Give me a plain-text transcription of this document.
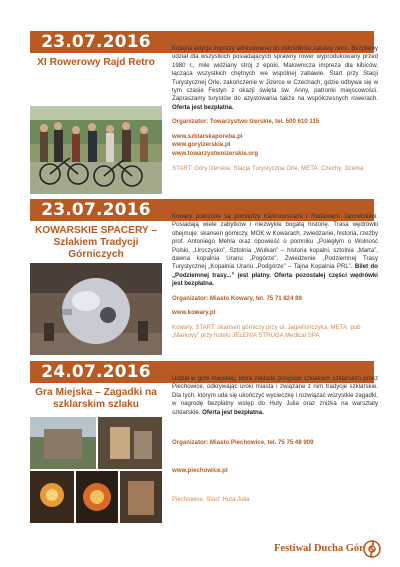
23.07.2016
XI Rowerowy Rajd Retro
godz. 09.00-15.00
Kolejna edycja imprezy adresowanej do miłośników zabawy retro. Bezpłatny udział dla wszystkich posiadających sprawny rower wyprodukowany przed 1980 r., mile widziany strój z epoki. Malownicza impreza dla kibiców, łącząca wszystkich chętnych we wspólnej zabawie. Start przy Stacji Turystycznej Orle, zakończenie w Jizerce w Czechach, gdzie odbywa się w tym czasie Festyn z okazji święta św. Anny, patronki miejscowości. Zapraszamy turystów do azystowania także na współczesnych rowerach. Oferta jest bezpłatna.
Organizator: Towarzystwo Izerskie, tel. 500 610 115
www.szklarskaporeba.pl
www.goryizerskie.pl
www.towarzystwoizerskie.org
START: Góry Izerskie, Stacja Turystyczna Orle, META: Czechy, Jizerka
23.07.2016
KOWARSKIE SPACERY – Szlakiem Tradycji Górniczych
godz. 10.00-14.00
Kowary położone są pomiędzy Karkonoszami i Rudawami Janowickimi. Posiadają wiele zabytków i niezwykle bogatą historię. Trasa wędrówki obejmuje: skansen górniczy, MOK w Kowarach, zwiedzanie, historia, rzeźby prof. Antoniego Mehla oraz opowieść o pomniku „Poległym o Wolność Polski, „Uroczysko”, Sztolnia „Wulkan” – historia kopalni, sztolnia „Marta”, dawna kopalnia Uranu „Pogórze”, Zwiedzenie „Podziemnej Trasy Turystycznej „Kopalnia Uranu „Podgórze” – Tajna Kopalnia PRL”. Bilet do „Podziemnej trasy...” jest płatny. Oferta pozostałej części wędrówki jest bezpłatna.
Organizator: Miasto Kowary, tel. 75 71 824 89
www.kowary.pl
Kowary, START: skansen górniczy przy ul. Jagiellończyka. META: pub „Markovy” przy hotelu JELENIA STRUGA Medical SPA
24.07.2016
Gra Miejska – Zagadki na szklarskim szlaku
godz. 10.00-14.00
Udział w grze miejskiej, która zakłada przejście szklakiem szklarskim przez Piechowice, odkrywając uroki miasta i związane z nim tradycje szklarskie. Dla tych, którym uda się ukończyć wycieczkę i rozwiązać wszystkie zagadki, w nagrodę bezpłatny wstęp do Huty Julia oraz zniżka na warsztaty szklarskie. Oferta jest bezpłatna.
Organizator: Miasto Piechowice, tel. 75 75 48 909
www.piechowice.pl
Piechowice, Start: Huta Julia
Festiwal Ducha Gór
